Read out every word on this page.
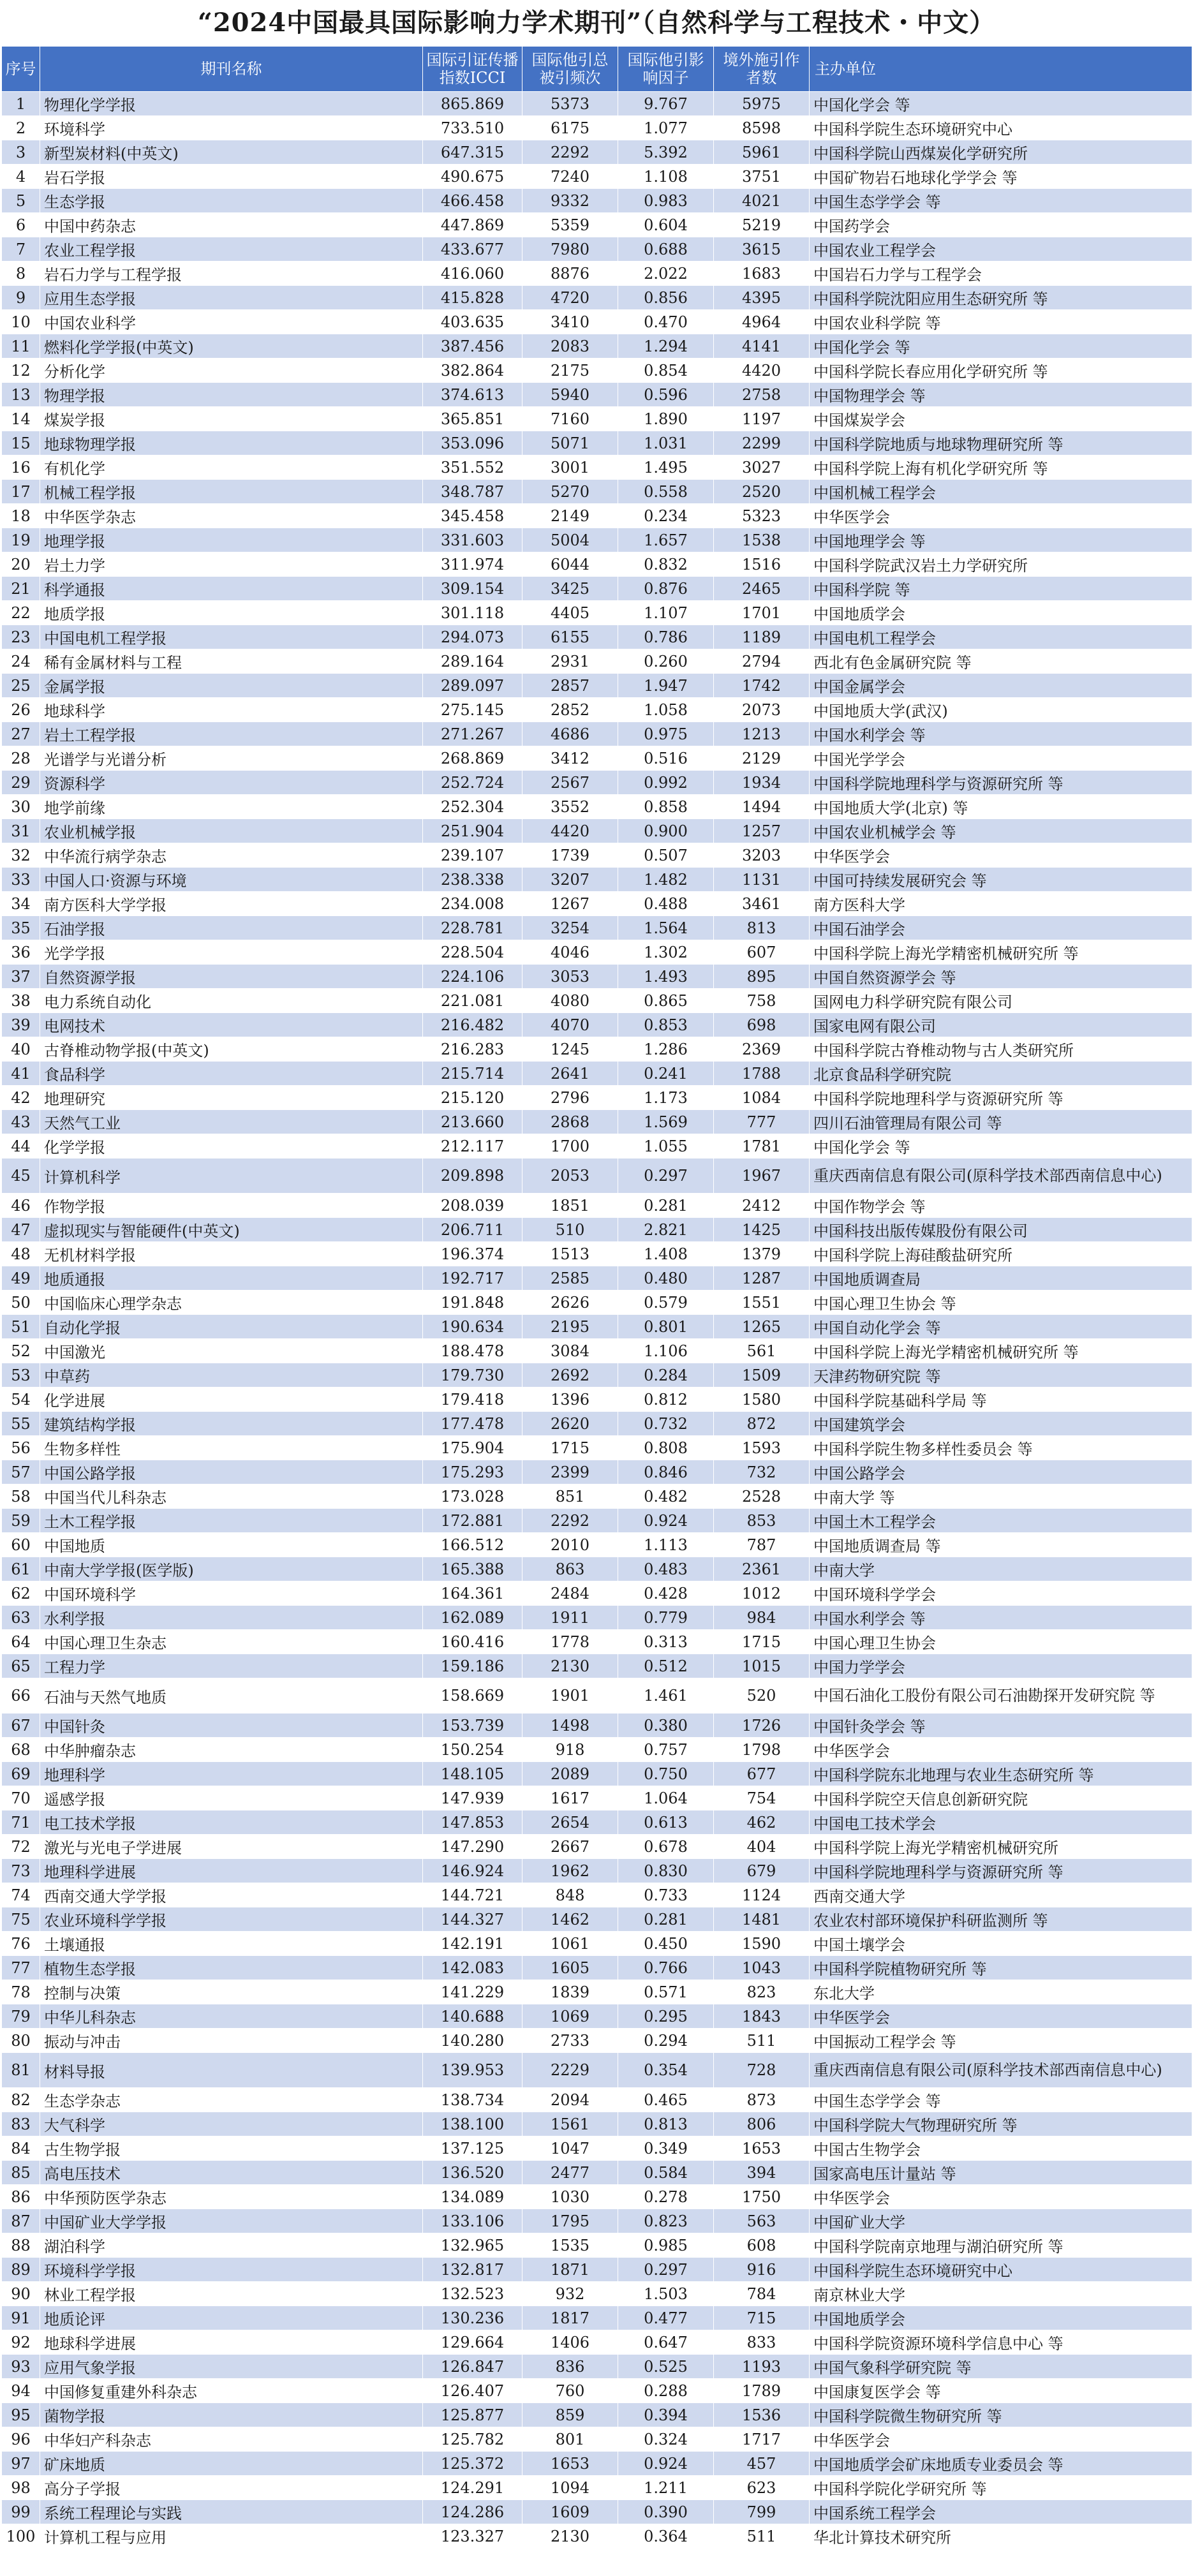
“2024中国最具国际影响力学术期刊”（自然科学与工程技术・中文）
序号	期刊名称	国际引证传播指数ICCI	国际他引总被引频次	国际他引影响因子	境外施引作者数	主办单位
1	物理化学学报	865.869	5373	9.767	5975	中国化学会 等
2	环境科学	733.510	6175	1.077	8598	中国科学院生态环境研究中心
3	新型炭材料(中英文)	647.315	2292	5.392	5961	中国科学院山西煤炭化学研究所
4	岩石学报	490.675	7240	1.108	3751	中国矿物岩石地球化学学会 等
5	生态学报	466.458	9332	0.983	4021	中国生态学学会 等
6	中国中药杂志	447.869	5359	0.604	5219	中国药学会
7	农业工程学报	433.677	7980	0.688	3615	中国农业工程学会
8	岩石力学与工程学报	416.060	8876	2.022	1683	中国岩石力学与工程学会
9	应用生态学报	415.828	4720	0.856	4395	中国科学院沈阳应用生态研究所 等
10	中国农业科学	403.635	3410	0.470	4964	中国农业科学院 等
11	燃料化学学报(中英文)	387.456	2083	1.294	4141	中国化学会 等
12	分析化学	382.864	2175	0.854	4420	中国科学院长春应用化学研究所 等
13	物理学报	374.613	5940	0.596	2758	中国物理学会 等
14	煤炭学报	365.851	7160	1.890	1197	中国煤炭学会
15	地球物理学报	353.096	5071	1.031	2299	中国科学院地质与地球物理研究所 等
16	有机化学	351.552	3001	1.495	3027	中国科学院上海有机化学研究所 等
17	机械工程学报	348.787	5270	0.558	2520	中国机械工程学会
18	中华医学杂志	345.458	2149	0.234	5323	中华医学会
19	地理学报	331.603	5004	1.657	1538	中国地理学会 等
20	岩土力学	311.974	6044	0.832	1516	中国科学院武汉岩土力学研究所
21	科学通报	309.154	3425	0.876	2465	中国科学院 等
22	地质学报	301.118	4405	1.107	1701	中国地质学会
23	中国电机工程学报	294.073	6155	0.786	1189	中国电机工程学会
24	稀有金属材料与工程	289.164	2931	0.260	2794	西北有色金属研究院 等
25	金属学报	289.097	2857	1.947	1742	中国金属学会
26	地球科学	275.145	2852	1.058	2073	中国地质大学(武汉)
27	岩土工程学报	271.267	4686	0.975	1213	中国水利学会 等
28	光谱学与光谱分析	268.869	3412	0.516	2129	中国光学学会
29	资源科学	252.724	2567	0.992	1934	中国科学院地理科学与资源研究所 等
30	地学前缘	252.304	3552	0.858	1494	中国地质大学(北京) 等
31	农业机械学报	251.904	4420	0.900	1257	中国农业机械学会 等
32	中华流行病学杂志	239.107	1739	0.507	3203	中华医学会
33	中国人口·资源与环境	238.338	3207	1.482	1131	中国可持续发展研究会 等
34	南方医科大学学报	234.008	1267	0.488	3461	南方医科大学
35	石油学报	228.781	3254	1.564	813	中国石油学会
36	光学学报	228.504	4046	1.302	607	中国科学院上海光学精密机械研究所 等
37	自然资源学报	224.106	3053	1.493	895	中国自然资源学会 等
38	电力系统自动化	221.081	4080	0.865	758	国网电力科学研究院有限公司
39	电网技术	216.482	4070	0.853	698	国家电网有限公司
40	古脊椎动物学报(中英文)	216.283	1245	1.286	2369	中国科学院古脊椎动物与古人类研究所
41	食品科学	215.714	2641	0.241	1788	北京食品科学研究院
42	地理研究	215.120	2796	1.173	1084	中国科学院地理科学与资源研究所 等
43	天然气工业	213.660	2868	1.569	777	四川石油管理局有限公司 等
44	化学学报	212.117	1700	1.055	1781	中国化学会 等
45	计算机科学	209.898	2053	0.297	1967	重庆西南信息有限公司(原科学技术部西南信息中心)
46	作物学报	208.039	1851	0.281	2412	中国作物学会 等
47	虚拟现实与智能硬件(中英文)	206.711	510	2.821	1425	中国科技出版传媒股份有限公司
48	无机材料学报	196.374	1513	1.408	1379	中国科学院上海硅酸盐研究所
49	地质通报	192.717	2585	0.480	1287	中国地质调查局
50	中国临床心理学杂志	191.848	2626	0.579	1551	中国心理卫生协会 等
51	自动化学报	190.634	2195	0.801	1265	中国自动化学会 等
52	中国激光	188.478	3084	1.106	561	中国科学院上海光学精密机械研究所 等
53	中草药	179.730	2692	0.284	1509	天津药物研究院 等
54	化学进展	179.418	1396	0.812	1580	中国科学院基础科学局 等
55	建筑结构学报	177.478	2620	0.732	872	中国建筑学会
56	生物多样性	175.904	1715	0.808	1593	中国科学院生物多样性委员会 等
57	中国公路学报	175.293	2399	0.846	732	中国公路学会
58	中国当代儿科杂志	173.028	851	0.482	2528	中南大学 等
59	土木工程学报	172.881	2292	0.924	853	中国土木工程学会
60	中国地质	166.512	2010	1.113	787	中国地质调查局 等
61	中南大学学报(医学版)	165.388	863	0.483	2361	中南大学
62	中国环境科学	164.361	2484	0.428	1012	中国环境科学学会
63	水利学报	162.089	1911	0.779	984	中国水利学会 等
64	中国心理卫生杂志	160.416	1778	0.313	1715	中国心理卫生协会
65	工程力学	159.186	2130	0.512	1015	中国力学学会
66	石油与天然气地质	158.669	1901	1.461	520	中国石油化工股份有限公司石油勘探开发研究院 等
67	中国针灸	153.739	1498	0.380	1726	中国针灸学会 等
68	中华肿瘤杂志	150.254	918	0.757	1798	中华医学会
69	地理科学	148.105	2089	0.750	677	中国科学院东北地理与农业生态研究所 等
70	遥感学报	147.939	1617	1.064	754	中国科学院空天信息创新研究院
71	电工技术学报	147.853	2654	0.613	462	中国电工技术学会
72	激光与光电子学进展	147.290	2667	0.678	404	中国科学院上海光学精密机械研究所
73	地理科学进展	146.924	1962	0.830	679	中国科学院地理科学与资源研究所 等
74	西南交通大学学报	144.721	848	0.733	1124	西南交通大学
75	农业环境科学学报	144.327	1462	0.281	1481	农业农村部环境保护科研监测所 等
76	土壤通报	142.191	1061	0.450	1590	中国土壤学会
77	植物生态学报	142.083	1605	0.766	1043	中国科学院植物研究所 等
78	控制与决策	141.229	1839	0.571	823	东北大学
79	中华儿科杂志	140.688	1069	0.295	1843	中华医学会
80	振动与冲击	140.280	2733	0.294	511	中国振动工程学会 等
81	材料导报	139.953	2229	0.354	728	重庆西南信息有限公司(原科学技术部西南信息中心)
82	生态学杂志	138.734	2094	0.465	873	中国生态学学会 等
83	大气科学	138.100	1561	0.813	806	中国科学院大气物理研究所 等
84	古生物学报	137.125	1047	0.349	1653	中国古生物学会
85	高电压技术	136.520	2477	0.584	394	国家高电压计量站 等
86	中华预防医学杂志	134.089	1030	0.278	1750	中华医学会
87	中国矿业大学学报	133.106	1795	0.823	563	中国矿业大学
88	湖泊科学	132.965	1535	0.985	608	中国科学院南京地理与湖泊研究所 等
89	环境科学学报	132.817	1871	0.297	916	中国科学院生态环境研究中心
90	林业工程学报	132.523	932	1.503	784	南京林业大学
91	地质论评	130.236	1817	0.477	715	中国地质学会
92	地球科学进展	129.664	1406	0.647	833	中国科学院资源环境科学信息中心 等
93	应用气象学报	126.847	836	0.525	1193	中国气象科学研究院 等
94	中国修复重建外科杂志	126.407	760	0.288	1789	中国康复医学会 等
95	菌物学报	125.877	859	0.394	1536	中国科学院微生物研究所 等
96	中华妇产科杂志	125.782	801	0.324	1717	中华医学会
97	矿床地质	125.372	1653	0.924	457	中国地质学会矿床地质专业委员会 等
98	高分子学报	124.291	1094	1.211	623	中国科学院化学研究所 等
99	系统工程理论与实践	124.286	1609	0.390	799	中国系统工程学会
100	计算机工程与应用	123.327	2130	0.364	511	华北计算技术研究所
